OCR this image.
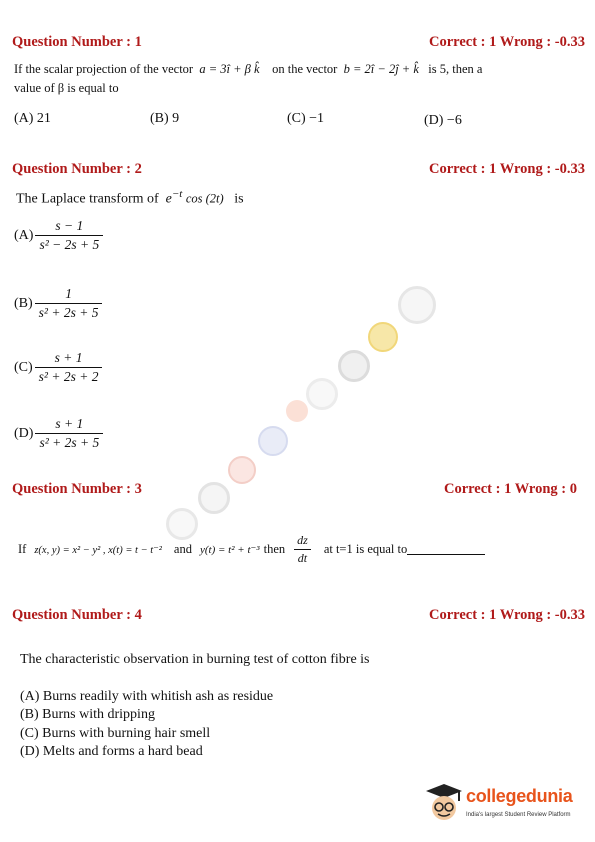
Question Number : 1	Correct : 1 Wrong : -0.33
If the scalar projection of the vector a = 3î + β k̂ on the vector b = 2î − 2ĵ + k̂ is 5, then a
value of β is equal to
(A) 21	(B) 9	(C) −1	(D) −6
Question Number : 2	Correct : 1 Wrong : -0.33
The Laplace transform of $e^{-t}$ cos (2t) is
$(A) \frac{s - 1}{\text{s² − 2s + 5}}$
$(B) \frac{1}{\text{s² + 2s + 5}}$
$(C) \frac{s + 1}{\text{s² + 2s + 2}}$
$(D) \frac{s + 1}{\text{s² + 2s + 5}}$
Question Number : 3	Correct : 1 Wrong : 0
If
z(x, y) = x² − y² , x(t) = t − t⁻²
and
y(t) = t² + t⁻³
then
$\frac{dz}{dt}$
at t=1 is equal to
Question Number : 4	Correct : 1 Wrong : -0.33
The characteristic observation in burning test of cotton fibre is
(A) Burns readily with whitish ash as residue
(B) Burns with dripping
(C) Burns with burning hair smell
(D) Melts and forms a hard bead
collegedunia
India's largest Student Review Platform
